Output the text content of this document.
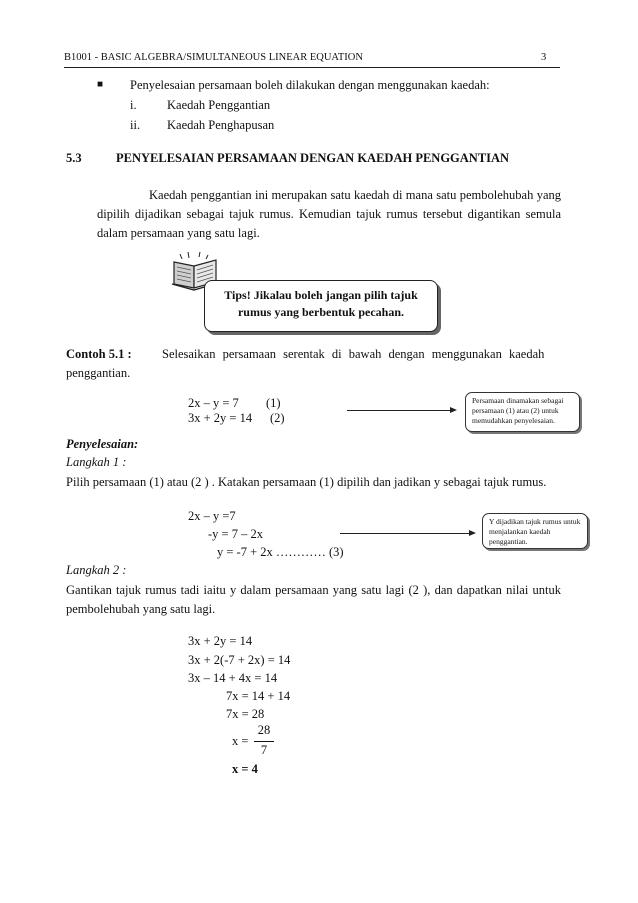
B1001 - BASIC ALGEBRA/SIMULTANEOUS LINEAR EQUATION	3
■ Penyelesaian persamaan boleh dilakukan dengan menggunakan kaedah:
i. Kaedah Penggantian
ii. Kaedah Penghapusan
5.3	PENYELESAIAN PERSAMAAN DENGAN KAEDAH PENGGANTIAN
Kaedah penggantian ini merupakan satu kaedah di mana satu pembolehubah yang dipilih dijadikan sebagai tajuk rumus. Kemudian tajuk rumus tersebut digantikan semula dalam persamaan yang satu lagi.
Tips! Jikalau boleh jangan pilih tajuk
rumus yang berbentuk pecahan.
Contoh 5.1 : Selesaikan persamaan serentak di bawah dengan menggunakan kaedah
penggantian.
2x – y = 7 (1)
3x + 2y = 14 (2)
Persamaan dinamakan sebagai persamaan (1) atau (2) untuk memudahkan penyelesaian.
Penyelesaian:
Langkah 1 :
Pilih persamaan (1) atau (2 ) . Katakan persamaan (1) dipilih dan jadikan y sebagai tajuk rumus.
2x – y =7
-y = 7 – 2x
y = -7 + 2x ………… (3)
Y dijadikan tajuk rumus untuk menjalankan kaedah penggantian.
Langkah 2 :
Gantikan tajuk rumus tadi iaitu y dalam persamaan yang satu lagi (2 ), dan dapatkan nilai untuk pembolehubah yang satu lagi.
3x + 2y = 14
3x + 2(-7 + 2x) = 14
3x – 14 + 4x = 14
7x = 14 + 14
7x = 28
x =
28
7
x = 4
